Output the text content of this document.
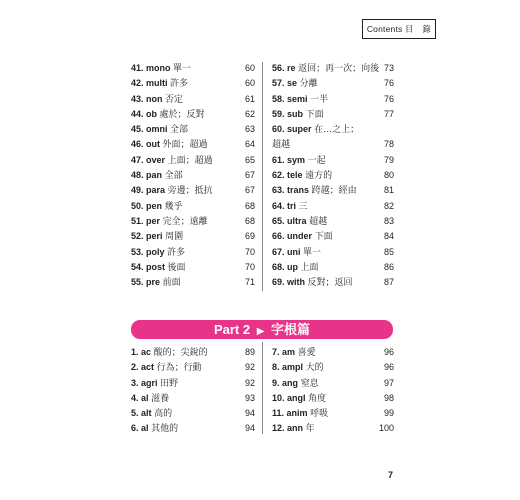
Contents 目　錄
41. mono 單一	60
42. multi 許多	60
43. non 否定	61
44. ob 處於；反對	62
45. omni 全部	63
46. out 外面；超過	64
47. over 上面；超過	65
48. pan 全部	67
49. para 旁邊；抵抗	67
50. pen 幾乎	68
51. per 完全；遠離	68
52. peri 周圍	69
53. poly 許多	70
54. post 後面	70
55. pre 前面	71
56. re 返回；再一次；向後 73
57. se 分離	76
58. semi 一半	76
59. sub 下面	77
60. super 在…之上；
超越	78
61. sym 一起	79
62. tele 遠方的	80
63. trans 跨越；經由	81
64. tri 三	82
65. ultra 超越	83
66. under 下面	84
67. uni 單一	85
68. up 上面	86
69. with 反對；返回	87
Part 2 ▶ 字根篇
1. ac 酸的；尖銳的	89
2. act 行為；行動	92
3. agri 田野	92
4. al 滋養	93
5. alt 高的	94
6. al 其他的	94
7. am 喜愛	96
8. ampl 大的	96
9. ang 窒息	97
10. angl 角度	98
11. anim 呼吸	99
12. ann 年	100
7
